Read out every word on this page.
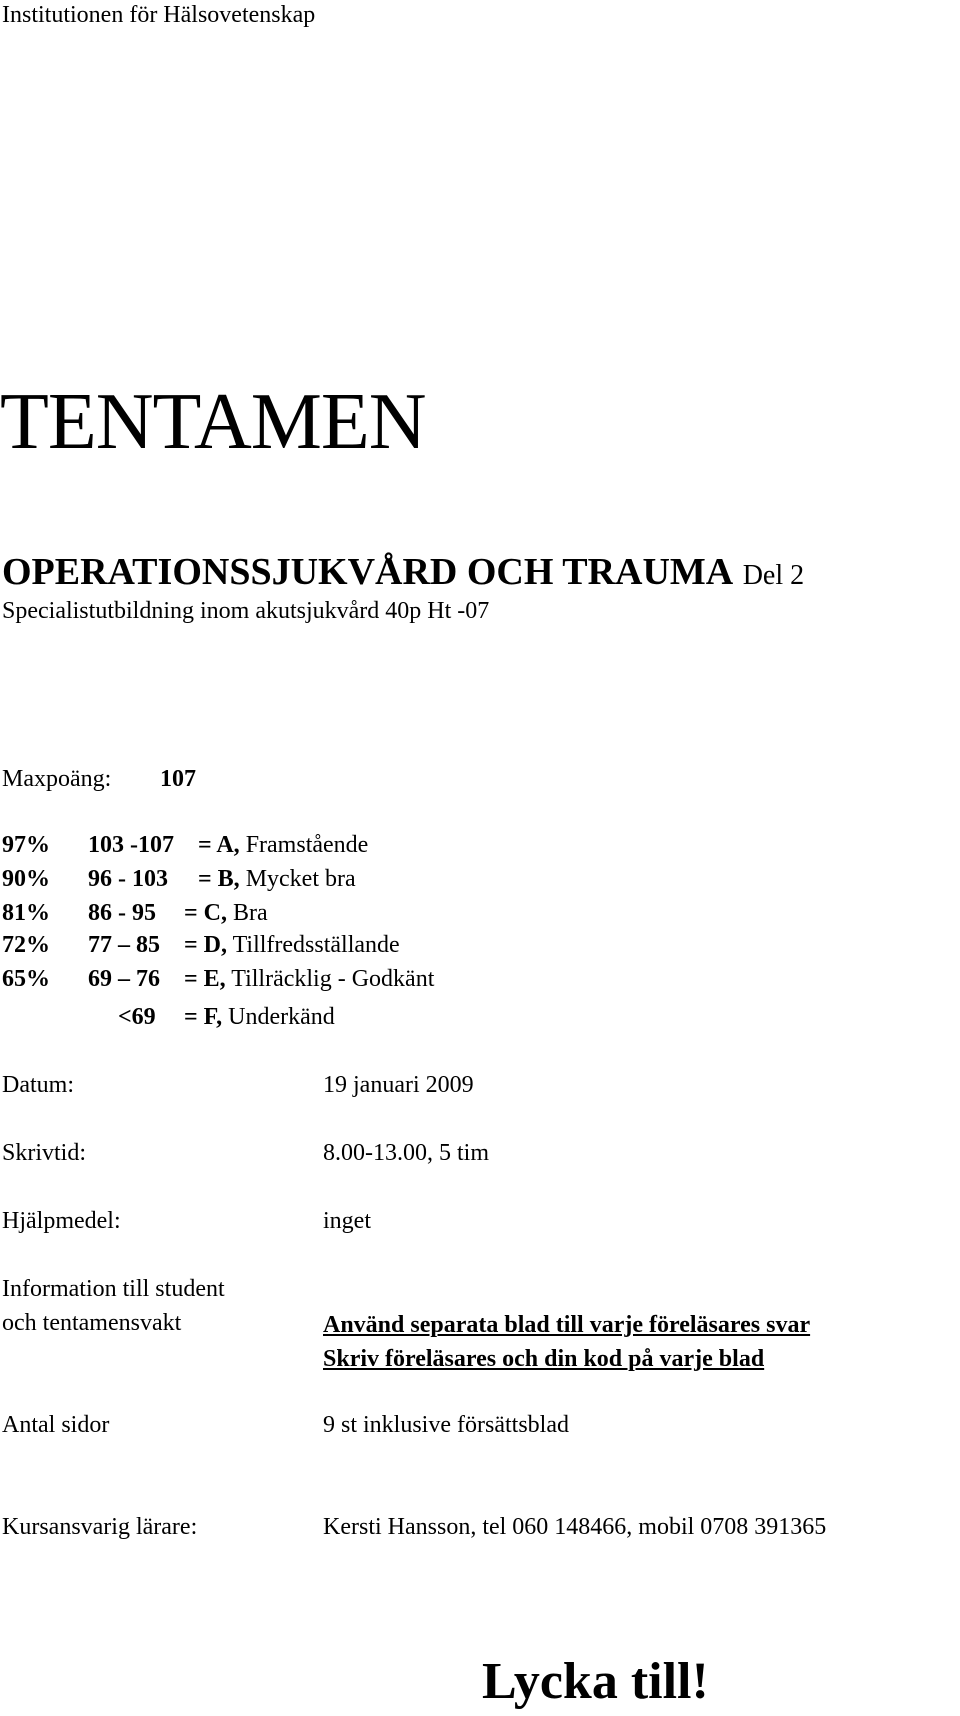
Institutionen för Hälsovetenskap
TENTAMEN
OPERATIONSSJUKVÅRD OCH TRAUMA Del 2
Specialistutbildning inom akutsjukvård 40p Ht -07
Maxpoäng: 107
97% 103 -107 = A, Framstående
90% 96 - 103 = B, Mycket bra
81% 86 - 95 = C, Bra
72% 77 – 85 = D, Tillfredsställande
65% 69 – 76 = E, Tillräcklig - Godkänt
<69 = F, Underkänd
Datum:	19 januari 2009
Skrivtid:	8.00-13.00, 5 tim
Hjälpmedel:	inget
Information till student
och tentamensvakt	Använd separata blad till varje föreläsares svar
Skriv föreläsares och din kod på varje blad
Antal sidor	9 st inklusive försättsblad
Kursansvarig lärare:	Kersti Hansson, tel 060 148466, mobil 0708 391365
Lycka till!
